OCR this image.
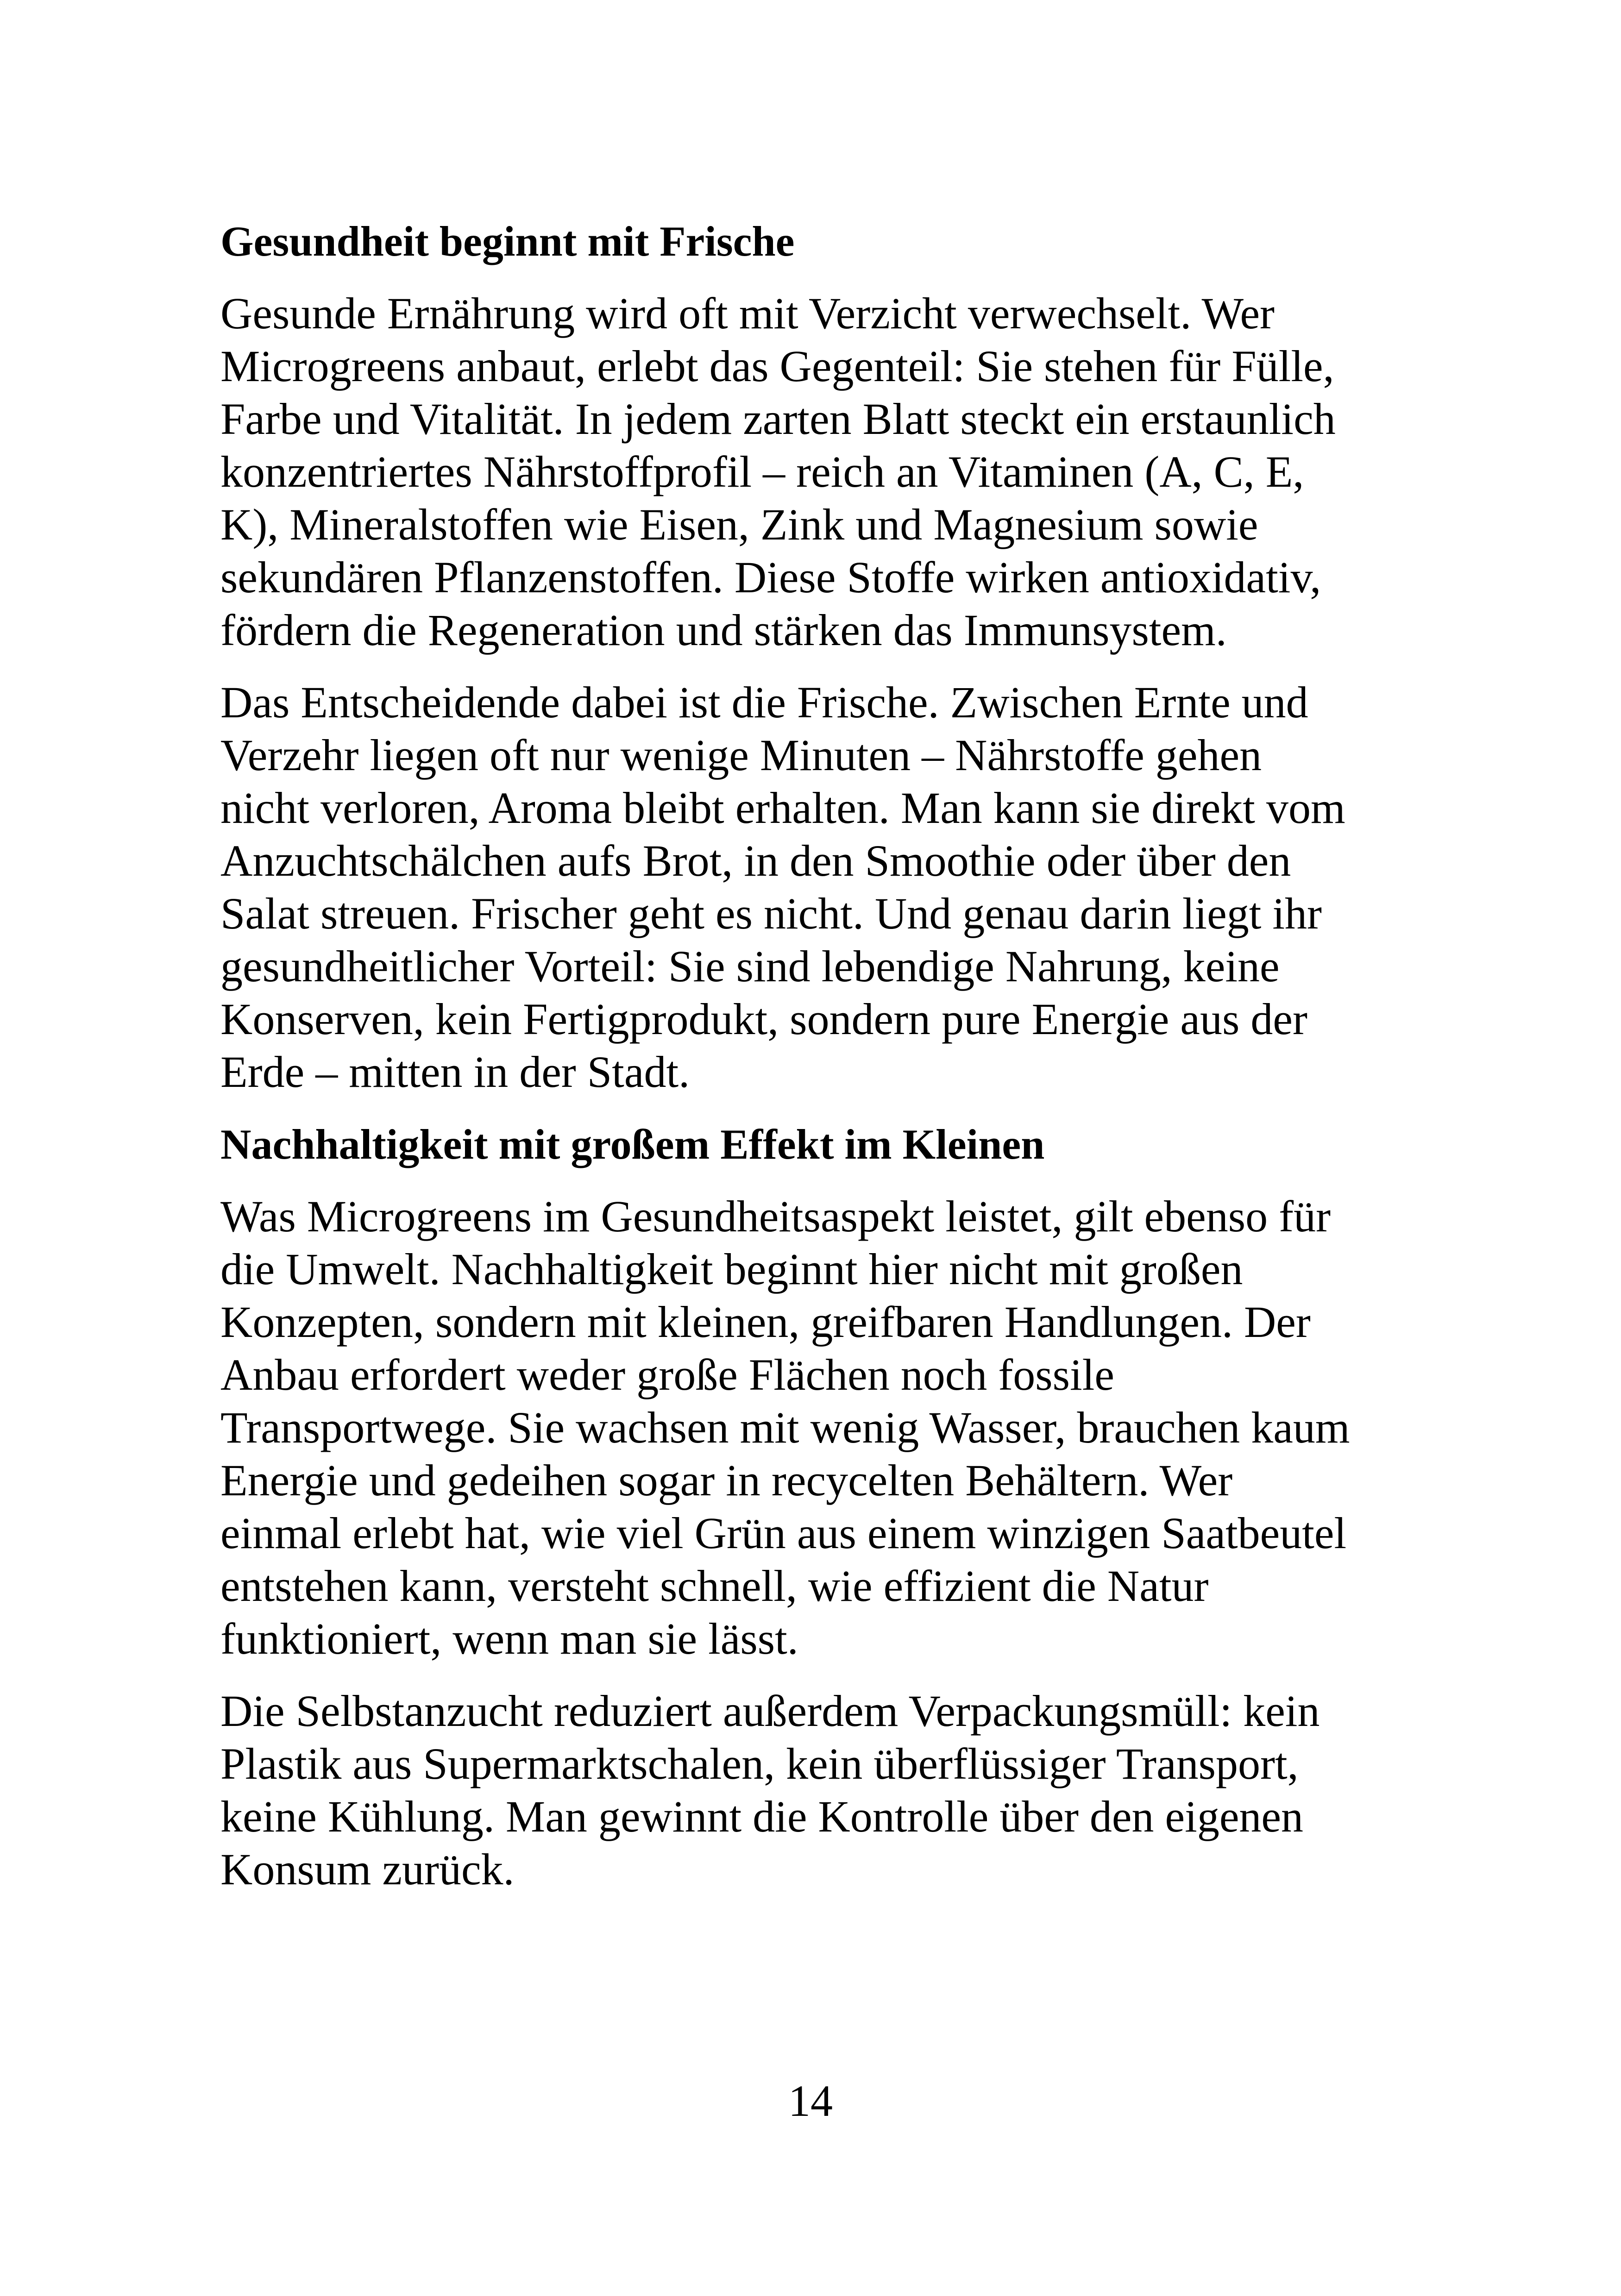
Gesundheit beginnt mit Frische
Gesunde Ernährung wird oft mit Verzicht verwechselt. Wer
Microgreens anbaut, erlebt das Gegenteil: Sie stehen für Fülle,
Farbe und Vitalität. In jedem zarten Blatt steckt ein erstaunlich
konzentriertes Nährstoffprofil – reich an Vitaminen (A, C, E,
K), Mineralstoffen wie Eisen, Zink und Magnesium sowie
sekundären Pflanzenstoffen. Diese Stoffe wirken antioxidativ,
fördern die Regeneration und stärken das Immunsystem.
Das Entscheidende dabei ist die Frische. Zwischen Ernte und
Verzehr liegen oft nur wenige Minuten – Nährstoffe gehen
nicht verloren, Aroma bleibt erhalten. Man kann sie direkt vom
Anzuchtschälchen aufs Brot, in den Smoothie oder über den
Salat streuen. Frischer geht es nicht. Und genau darin liegt ihr
gesundheitlicher Vorteil: Sie sind lebendige Nahrung, keine
Konserven, kein Fertigprodukt, sondern pure Energie aus der
Erde – mitten in der Stadt.
Nachhaltigkeit mit großem Effekt im Kleinen
Was Microgreens im Gesundheitsaspekt leistet, gilt ebenso für
die Umwelt. Nachhaltigkeit beginnt hier nicht mit großen
Konzepten, sondern mit kleinen, greifbaren Handlungen. Der
Anbau erfordert weder große Flächen noch fossile
Transportwege. Sie wachsen mit wenig Wasser, brauchen kaum
Energie und gedeihen sogar in recycelten Behältern. Wer
einmal erlebt hat, wie viel Grün aus einem winzigen Saatbeutel
entstehen kann, versteht schnell, wie effizient die Natur
funktioniert, wenn man sie lässt.
Die Selbstanzucht reduziert außerdem Verpackungsmüll: kein
Plastik aus Supermarktschalen, kein überflüssiger Transport,
keine Kühlung. Man gewinnt die Kontrolle über den eigenen
Konsum zurück.
14
